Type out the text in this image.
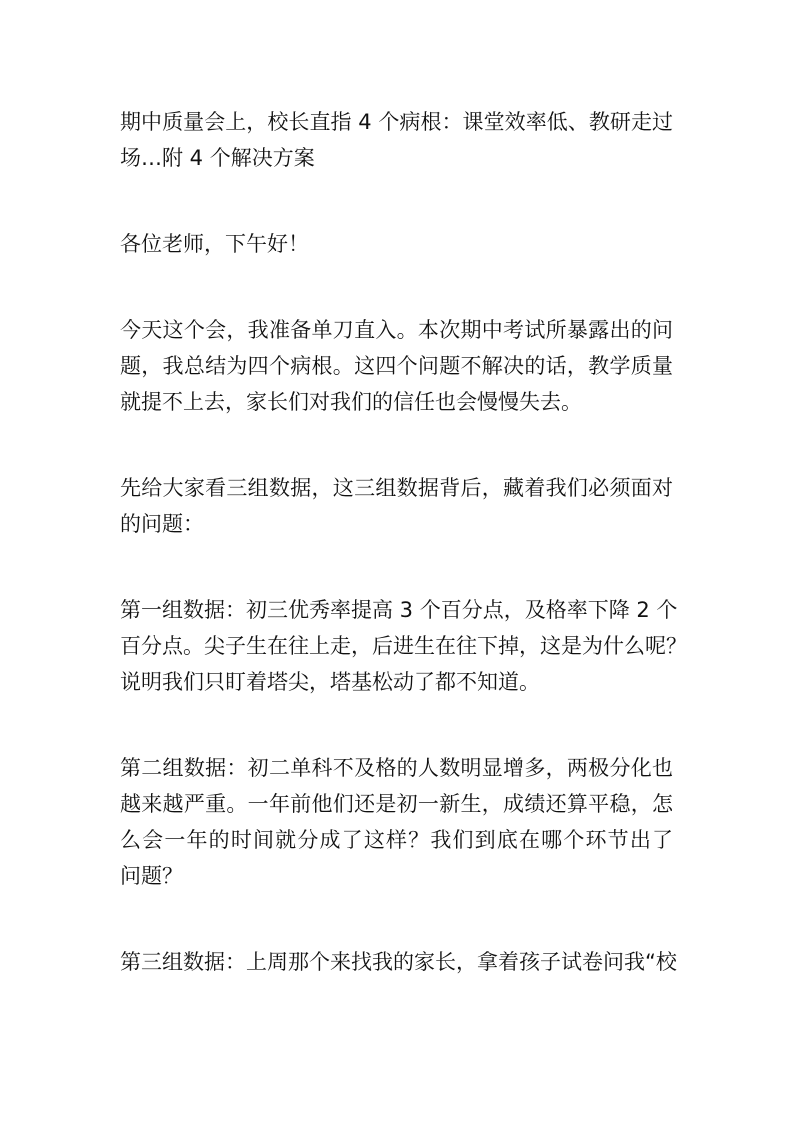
期中质量会上，校长直指 4 个病根：课堂效率低、教研走过
场…附 4 个解决方案
各位老师，下午好！
今天这个会，我准备单刀直入。本次期中考试所暴露出的问
题，我总结为四个病根。这四个问题不解决的话，教学质量
就提不上去，家长们对我们的信任也会慢慢失去。
先给大家看三组数据，这三组数据背后，藏着我们必须面对
的问题：
第一组数据：初三优秀率提高 3 个百分点，及格率下降 2 个
百分点。尖子生在往上走，后进生在往下掉，这是为什么呢？
说明我们只盯着塔尖，塔基松动了都不知道。
第二组数据：初二单科不及格的人数明显增多，两极分化也
越来越严重。一年前他们还是初一新生，成绩还算平稳，怎
么会一年的时间就分成了这样？我们到底在哪个环节出了
问题？
第三组数据：上周那个来找我的家长，拿着孩子试卷问我“校
